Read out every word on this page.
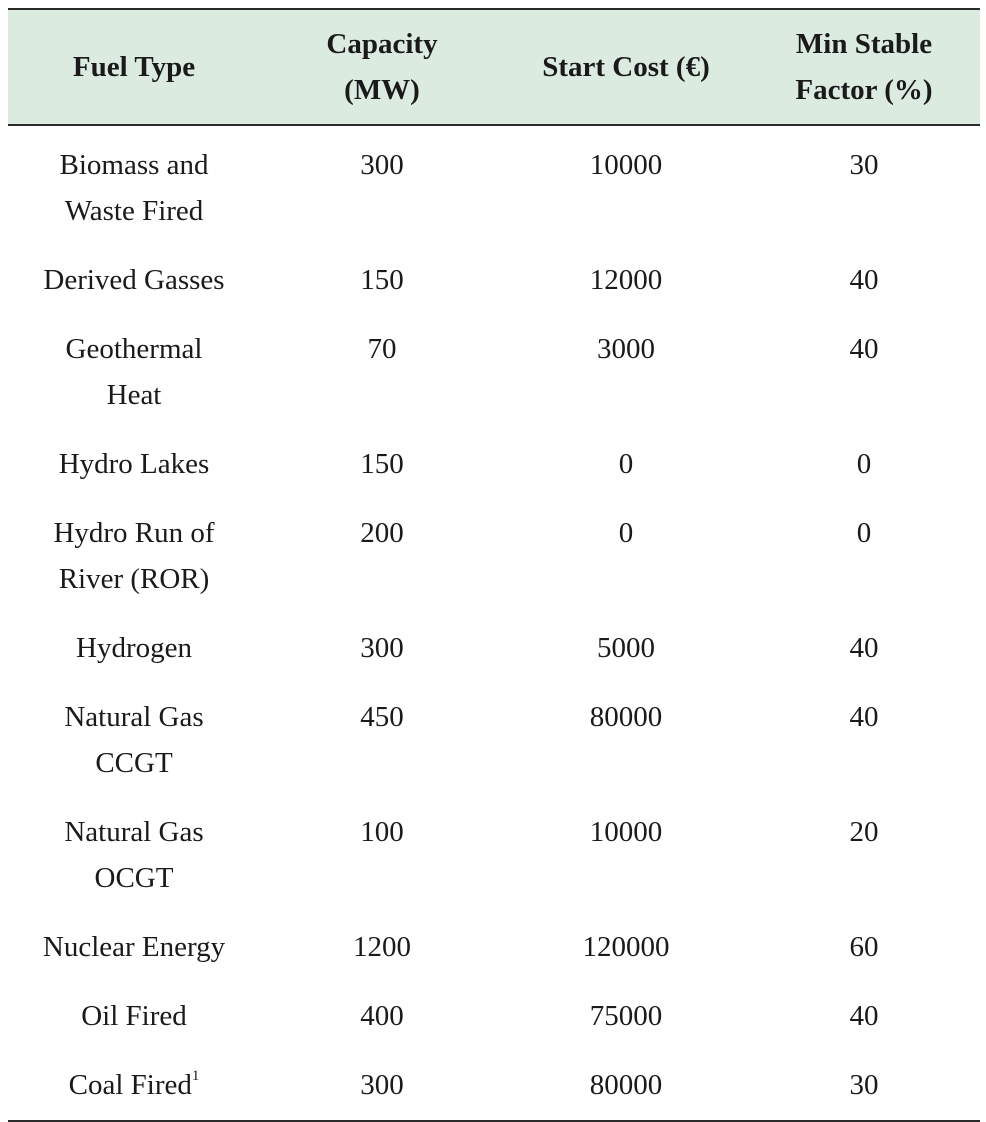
Fuel Type	Capacity (MW)	Start Cost (€)	Min Stable Factor (%)
Biomass and Waste Fired	300	10000	30
Derived Gasses	150	12000	40
Geothermal Heat	70	3000	40
Hydro Lakes	150	0	0
Hydro Run of River (ROR)	200	0	0
Hydrogen	300	5000	40
Natural Gas CCGT	450	80000	40
Natural Gas OCGT	100	10000	20
Nuclear Energy	1200	120000	60
Oil Fired	400	75000	40
Coal Fired$^1$	300	80000	30
